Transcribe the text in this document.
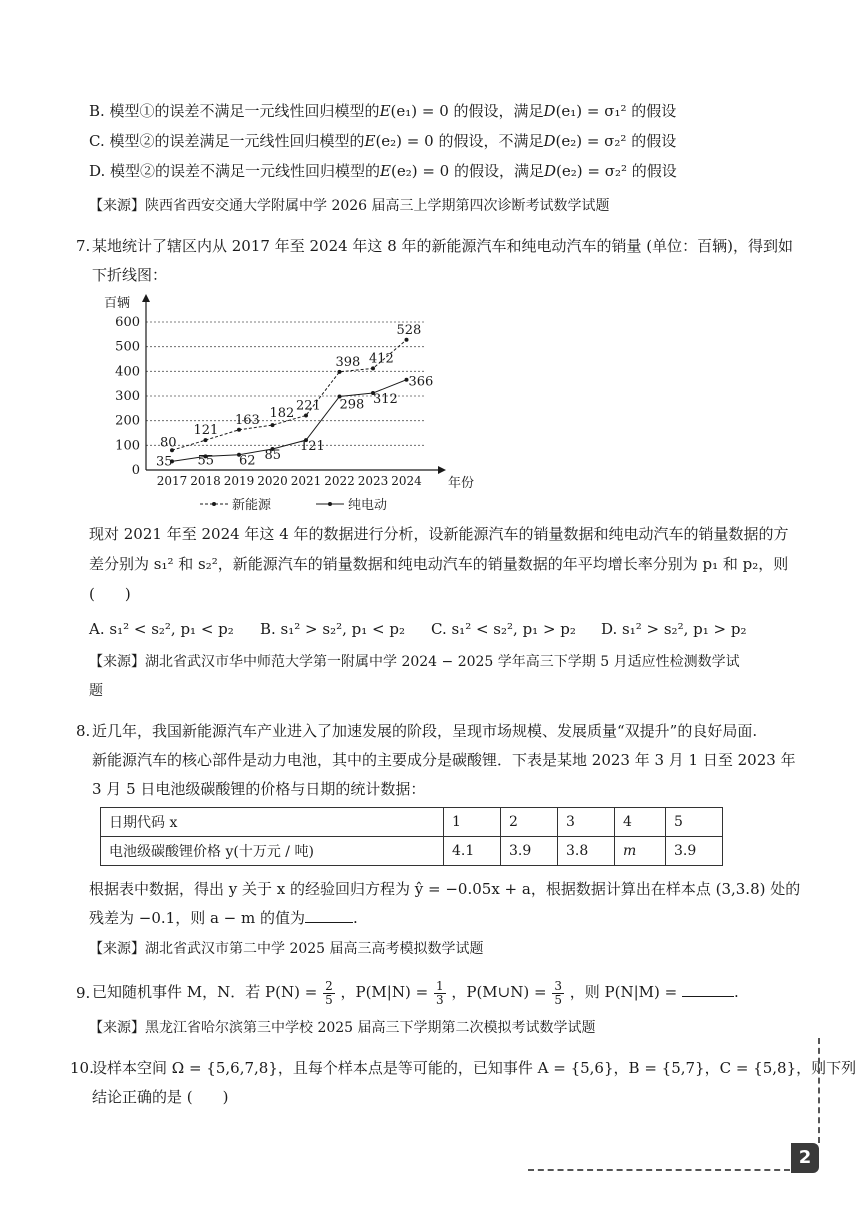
B. 模型①的误差不满足一元线性回归模型的E(e₁) = 0 的假设，满足D(e₁) = σ₁² 的假设
C. 模型②的误差满足一元线性回归模型的E(e₂) = 0 的假设，不满足D(e₂) = σ₂² 的假设
D. 模型②的误差不满足一元线性回归模型的E(e₂) = 0 的假设，满足D(e₂) = σ₂² 的假设
【来源】陕西省西安交通大学附属中学 2026 届高三上学期第四次诊断考试数学试题
7. 某地统计了辖区内从 2017 年至 2024 年这 8 年的新能源汽车和纯电动汽车的销量 (单位：百辆)，得到如
下折线图：
0
100
200
300
400
500
600
百辆
年份
2017 2018 2019 2020 2021 2022 2023 2024
80
121
163 182
221
398 412
528
35 55 62 85
121
298 312
366
新能源	纯电动
现对 2021 年至 2024 年这 4 年的数据进行分析，设新能源汽车的销量数据和纯电动汽车的销量数据的方
差分别为 s₁² 和 s₂²，新能源汽车的销量数据和纯电动汽车的销量数据的年平均增长率分别为 p₁ 和 p₂，则
(　　)
A. s₁² < s₂², p₁ < p₂ B. s₁² > s₂², p₁ < p₂ C. s₁² < s₂², p₁ > p₂ D. s₁² > s₂², p₁ > p₂
【来源】湖北省武汉市华中师范大学第一附属中学 2024 − 2025 学年高三下学期 5 月适应性检测数学试
题
8. 近几年，我国新能源汽车产业进入了加速发展的阶段，呈现市场规模、发展质量“双提升”的良好局面.
新能源汽车的核心部件是动力电池，其中的主要成分是碳酸锂．下表是某地 2023 年 3 月 1 日至 2023 年
3 月 5 日电池级碳酸锂的价格与日期的统计数据：
日期代码 x	1	2	3	4	5
电池级碳酸锂价格 y(十万元 / 吨)	4.1	3.9	3.8	m	3.9
根据表中数据，得出 y 关于 x 的经验回归方程为 ŷ = −0.05x + a，根据数据计算出在样本点 (3,3.8) 处的
残差为 −0.1，则 a − m 的值为	.
【来源】湖北省武汉市第二中学 2025 届高三高考模拟数学试题
9. 已知随机事件 M，N．若 $P(N) = \frac{2}{5}$ ，$P(M|N) = \frac{1}{3}$ ，P(M∪N) = $\frac{3}{5}$ ，则 P(N|M) =	.
【来源】黑龙江省哈尔滨第三中学校 2025 届高三下学期第二次模拟考试数学试题
10.
设样本空间 Ω = {5,6,7,8}，且每个样本点是等可能的，已知事件 A = {5,6}，B = {5,7}，C = {5,8}，则下列
结论正确的是 (　　)
2
